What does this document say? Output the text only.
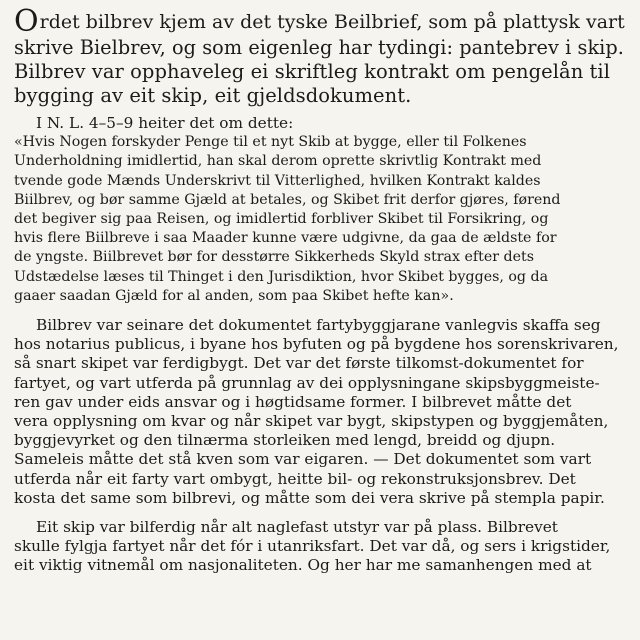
Ordet bilbrev kjem av det tyske Beilbrief, som på plattysk vart
skrive Bielbrev, og som eigenleg har tydingi: pantebrev i skip.
Bilbrev var opphaveleg ei skriftleg kontrakt om pengelån til
bygging av eit skip, eit gjeldsdokument.
I N. L. 4–5–9 heiter det om dette:
«Hvis Nogen forskyder Penge til et nyt Skib at bygge, eller til Folkenes
Underholdning imidlertid, han skal derom oprette skrivtlig Kontrakt med
tvende gode Mænds Underskrivt til Vitterlighed, hvilken Kontrakt kaldes
Biilbrev, og bør samme Gjæld at betales, og Skibet frit derfor gjøres, førend
det begiver sig paa Reisen, og imidlertid forbliver Skibet til Forsikring, og
hvis flere Biilbreve i saa Maader kunne være udgivne, da gaa de ældste for
de yngste. Biilbrevet bør for desstørre Sikkerheds Skyld strax efter dets
Udstædelse læses til Thinget i den Jurisdiktion, hvor Skibet bygges, og da
gaaer saadan Gjæld for al anden, som paa Skibet hefte kan».
Bilbrev var seinare det dokumentet fartybyggjarane vanlegvis skaffa seg
hos notarius publicus, i byane hos byfuten og på bygdene hos sorenskrivaren,
så snart skipet var ferdigbygt. Det var det første tilkomst-dokumentet for
fartyet, og vart utferda på grunnlag av dei opplysningane skipsbyggmeiste-
ren gav under eids ansvar og i høgtidsame former. I bilbrevet måtte det
vera opplysning om kvar og når skipet var bygt, skipstypen og byggjemåten,
byggjevyrket og den tilnærma storleiken med lengd, breidd og djupn.
Sameleis måtte det stå kven som var eigaren. — Det dokumentet som vart
utferda når eit farty vart ombygt, heitte bil- og rekonstruksjonsbrev. Det
kosta det same som bilbrevi, og måtte som dei vera skrive på stempla papir.
Eit skip var bilferdig når alt naglefast utstyr var på plass. Bilbrevet
skulle fylgja fartyet når det fór i utanriksfart. Det var då, og sers i krigstider,
eit viktig vitnemål om nasjonaliteten. Og her har me samanhengen med at
